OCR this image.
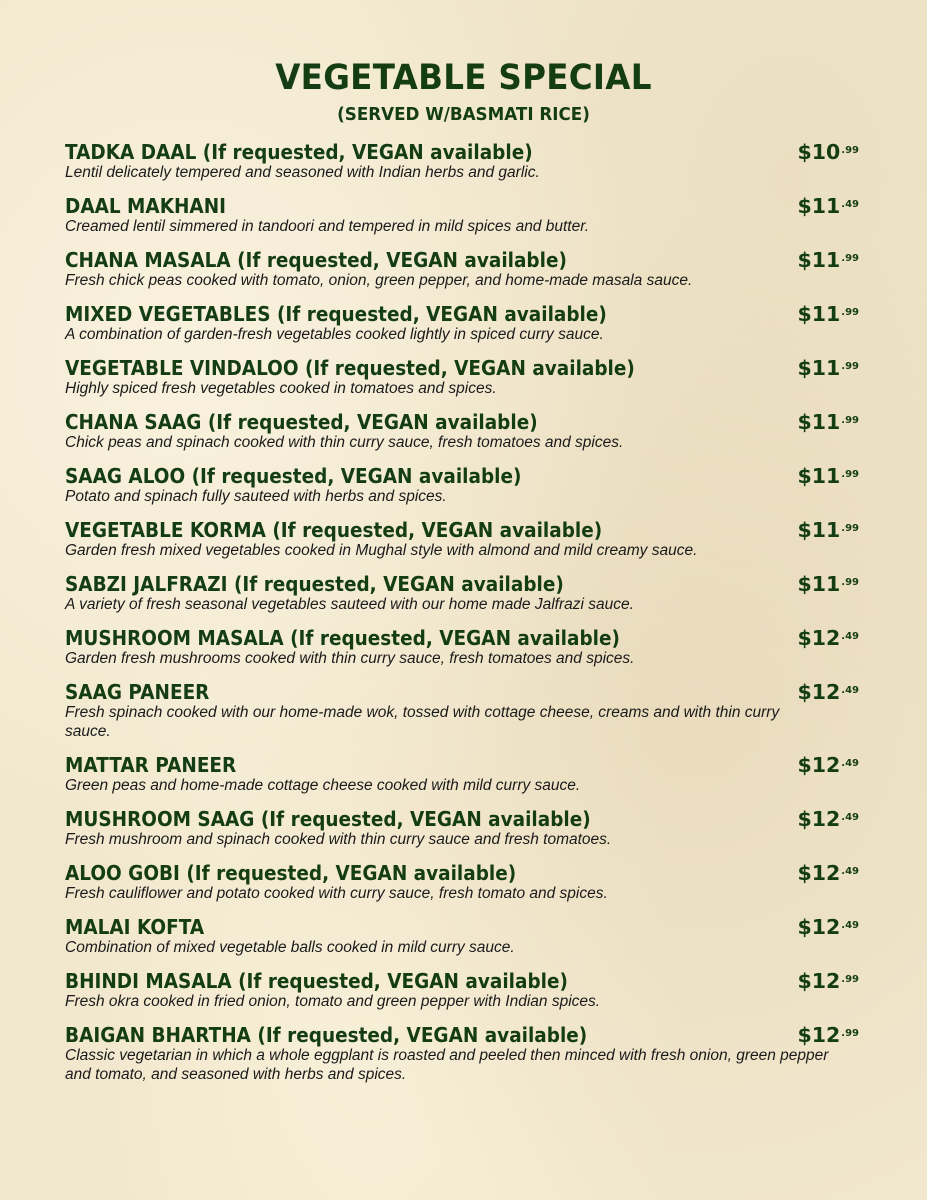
VEGETABLE SPECIAL
(SERVED W/BASMATI RICE)
TADKA DAAL (If requested, VEGAN available)
Lentil delicately tempered and seasoned with Indian herbs and garlic.
$\$10^{.99}$
DAAL MAKHANI
Creamed lentil simmered in tandoori and tempered in mild spices and butter.
$\$11^{.49}$
CHANA MASALA (If requested, VEGAN available)
Fresh chick peas cooked with tomato, onion, green pepper, and home-made masala sauce.
$\$11^{.99}$
MIXED VEGETABLES (If requested, VEGAN available)
A combination of garden-fresh vegetables cooked lightly in spiced curry sauce.
$\$11^{.99}$
VEGETABLE VINDALOO (If requested, VEGAN available)
Highly spiced fresh vegetables cooked in tomatoes and spices.
$\$11^{.99}$
CHANA SAAG (If requested, VEGAN available)
Chick peas and spinach cooked with thin curry sauce, fresh tomatoes and spices.
$\$11^{.99}$
SAAG ALOO (If requested, VEGAN available)
Potato and spinach fully sauteed with herbs and spices.
$\$11^{.99}$
VEGETABLE KORMA (If requested, VEGAN available)
Garden fresh mixed vegetables cooked in Mughal style with almond and mild creamy sauce.
$\$11^{.99}$
SABZI JALFRAZI (If requested, VEGAN available)
A variety of fresh seasonal vegetables sauteed with our home made Jalfrazi sauce.
$\$11^{.99}$
MUSHROOM MASALA (If requested, VEGAN available)
Garden fresh mushrooms cooked with thin curry sauce, fresh tomatoes and spices.
$\$12^{.49}$
SAAG PANEER
Fresh spinach cooked with our home-made wok, tossed with cottage cheese, creams and with thin curry sauce.
$\$12^{.49}$
MATTAR PANEER
Green peas and home-made cottage cheese cooked with mild curry sauce.
$\$12^{.49}$
MUSHROOM SAAG (If requested, VEGAN available)
Fresh mushroom and spinach cooked with thin curry sauce and fresh tomatoes.
$\$12^{.49}$
ALOO GOBI (If requested, VEGAN available)
Fresh cauliflower and potato cooked with curry sauce, fresh tomato and spices.
$\$12^{.49}$
MALAI KOFTA
Combination of mixed vegetable balls cooked in mild curry sauce.
$\$12^{.49}$
BHINDI MASALA (If requested, VEGAN available)
Fresh okra cooked in fried onion, tomato and green pepper with Indian spices.
$\$12^{.99}$
BAIGAN BHARTHA (If requested, VEGAN available)
Classic vegetarian in which a whole eggplant is roasted and peeled then minced with fresh onion, green pepper and tomato, and seasoned with herbs and spices.
$\$12^{.99}$
